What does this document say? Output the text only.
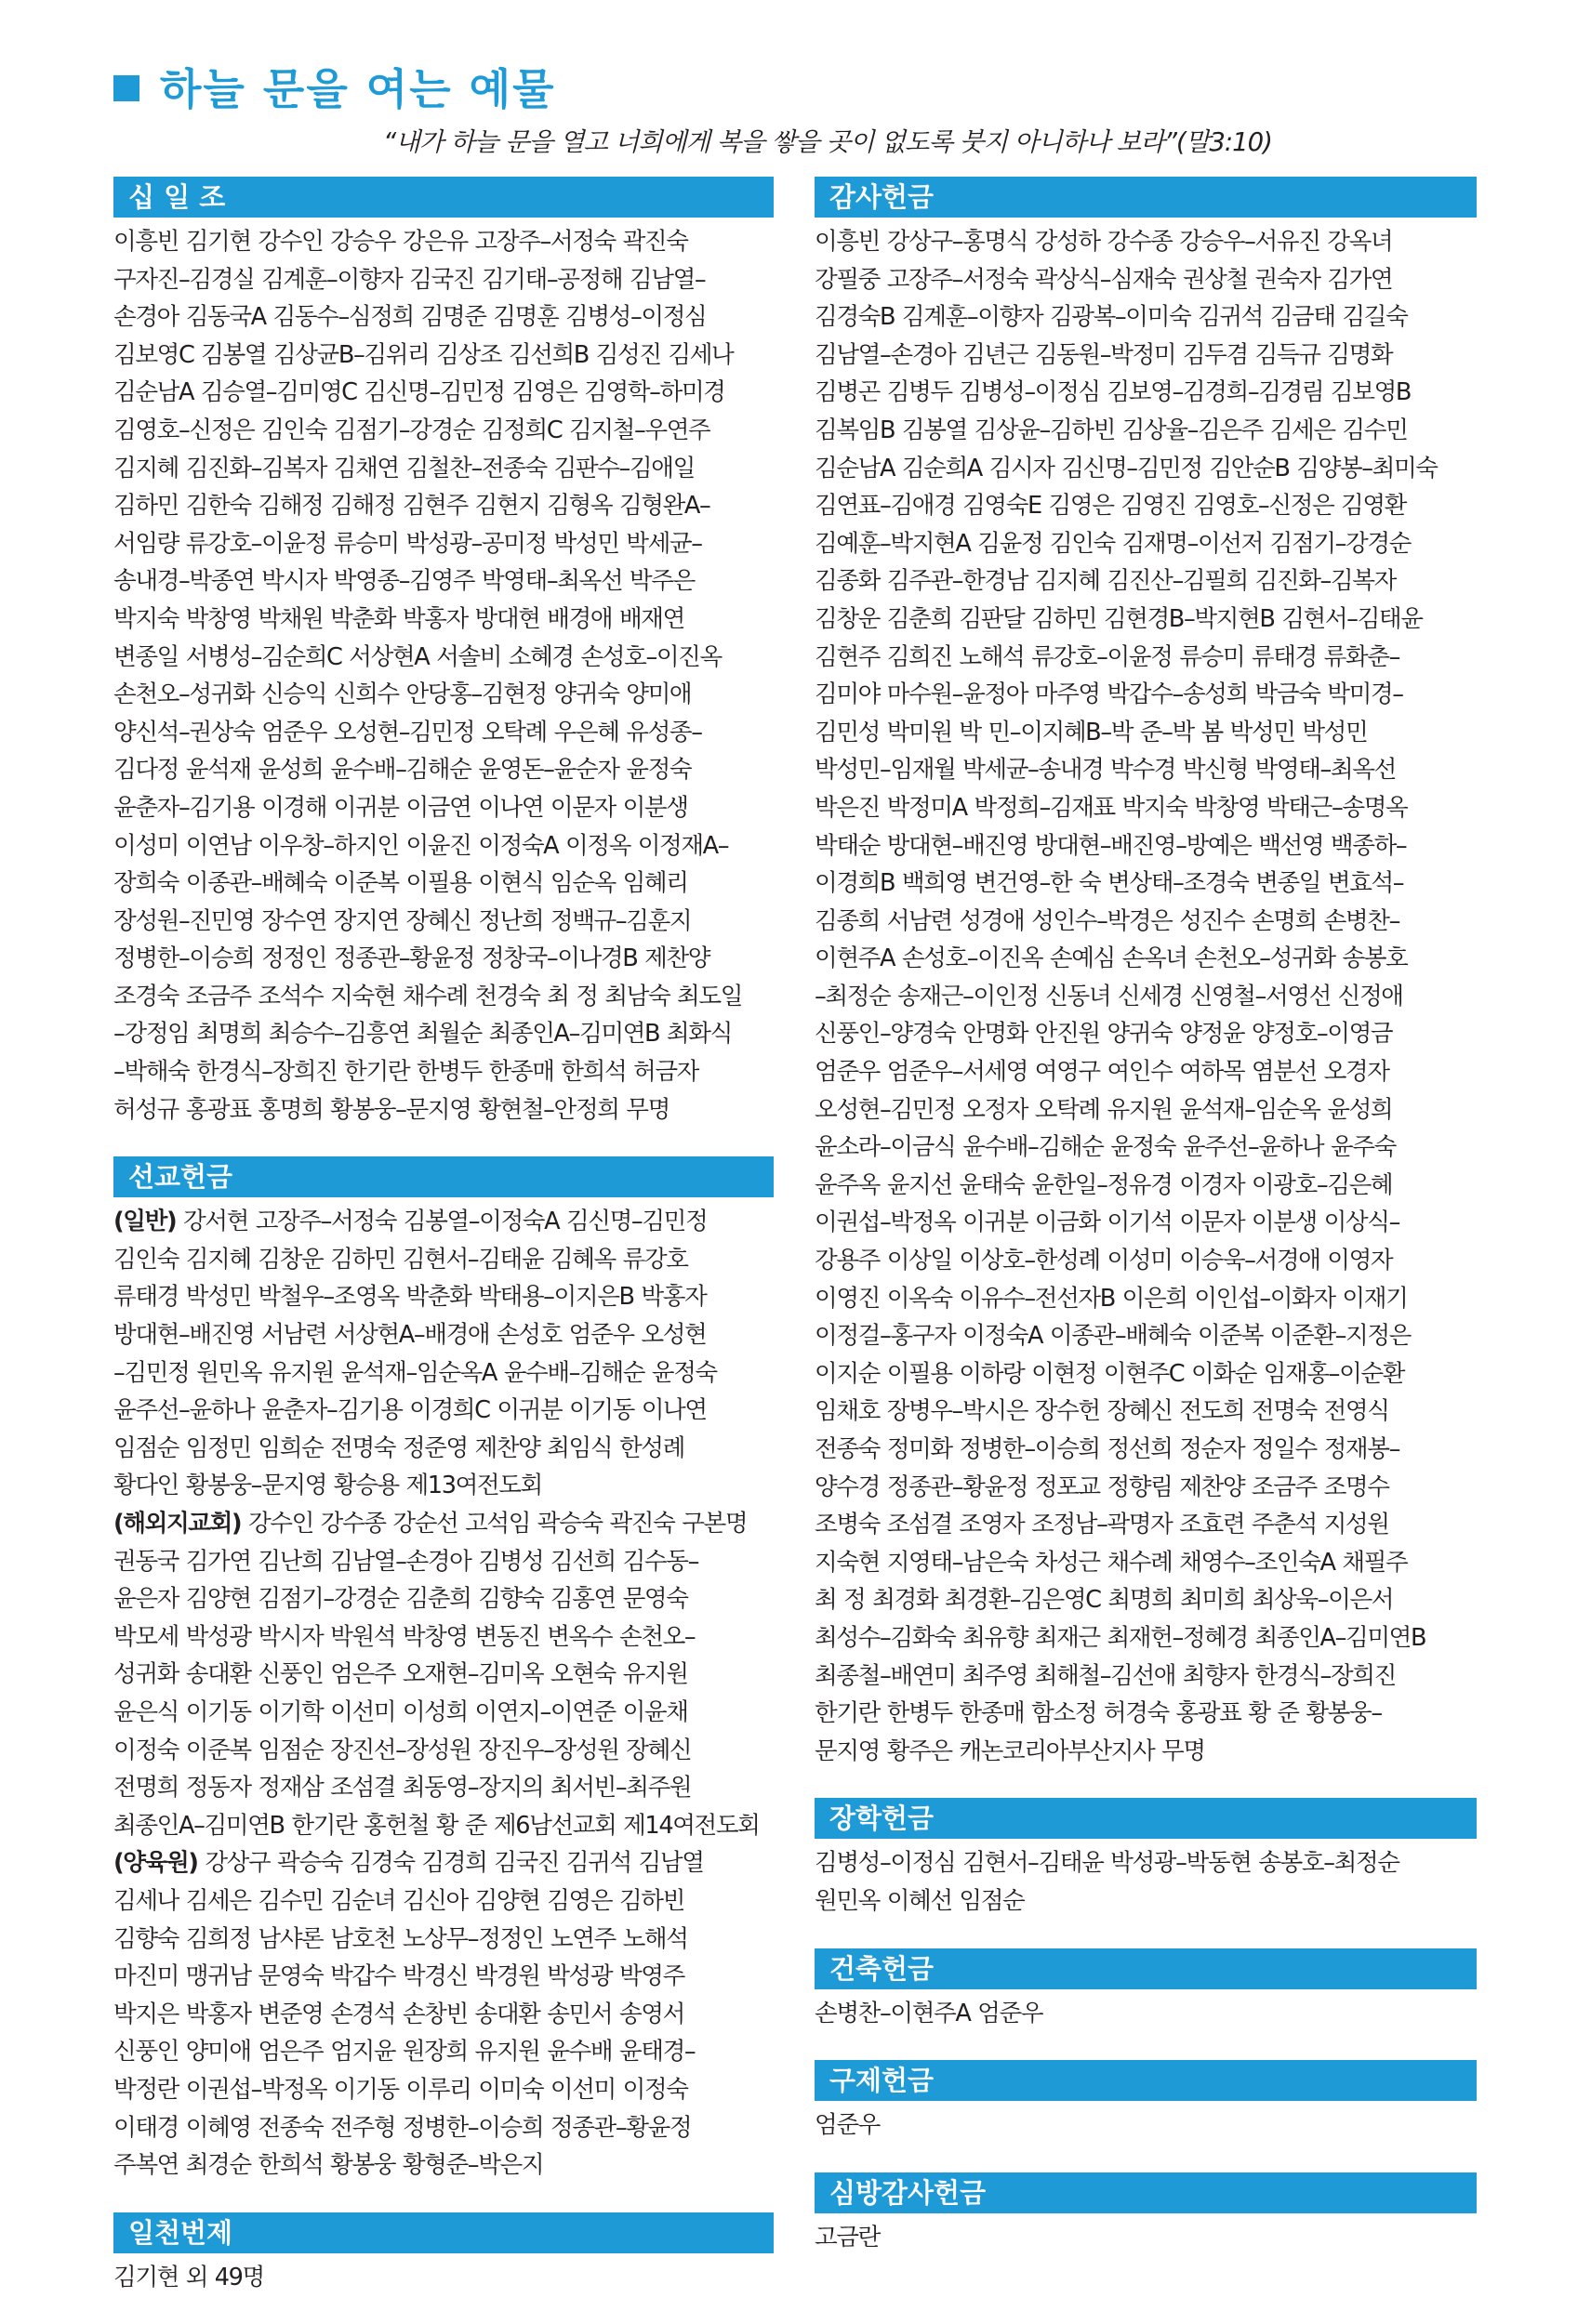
하늘 문을 여는 예물
“내가 하늘 문을 열고 너희에게 복을 쌓을 곳이 없도록 붓지 아니하나 보라”(말3:10)
십 일 조
이흥빈 김기현 강수인 강승우 강은유 고장주–서정숙 곽진숙
구자진–김경실 김계훈–이향자 김국진 김기태–공정해 김남열–
손경아 김동국A 김동수–심정희 김명준 김명훈 김병성–이정심
김보영C 김봉열 김상균B–김위리 김상조 김선희B 김성진 김세나
김순남A 김승열–김미영C 김신명–김민정 김영은 김영학–하미경
김영호–신정은 김인숙 김점기–강경순 김정희C 김지철–우연주
김지혜 김진화–김복자 김채연 김철찬–전종숙 김판수–김애일
김하민 김한숙 김해정 김해정 김현주 김현지 김형옥 김형완A–
서임량 류강호–이윤정 류승미 박성광–공미정 박성민 박세균–
송내경–박종연 박시자 박영종–김영주 박영태–최옥선 박주은
박지숙 박창영 박채원 박춘화 박홍자 방대현 배경애 배재연
변종일 서병성–김순희C 서상현A 서솔비 소혜경 손성호–이진옥
손천오–성귀화 신승익 신희수 안당홍–김현정 양귀숙 양미애
양신석–권상숙 엄준우 오성현–김민정 오탁례 우은혜 유성종–
김다정 윤석재 윤성희 윤수배–김해순 윤영돈–윤순자 윤정숙
윤춘자–김기용 이경해 이귀분 이금연 이나연 이문자 이분생
이성미 이연남 이우창–하지인 이윤진 이정숙A 이정옥 이정재A–
장희숙 이종관–배혜숙 이준복 이필용 이현식 임순옥 임혜리
장성원–진민영 장수연 장지연 장혜신 정난희 정백규–김훈지
정병한–이승희 정정인 정종관–황윤정 정창국–이나경B 제찬양
조경숙 조금주 조석수 지숙현 채수례 천경숙 최 정 최남숙 최도일
–강정임 최명희 최승수–김흥연 최월순 최종인A–김미연B 최화식
–박해숙 한경식–장희진 한기란 한병두 한종매 한희석 허금자
허성규 홍광표 홍명희 황봉웅–문지영 황현철–안정희 무명
선교헌금
(일반) 강서현 고장주–서정숙 김봉열–이정숙A 김신명–김민정
김인숙 김지혜 김창운 김하민 김현서–김태윤 김혜옥 류강호
류태경 박성민 박철우–조영옥 박춘화 박태용–이지은B 박홍자
방대현–배진영 서남련 서상현A–배경애 손성호 엄준우 오성현
–김민정 원민옥 유지원 윤석재–임순옥A 윤수배–김해순 윤정숙
윤주선–윤하나 윤춘자–김기용 이경희C 이귀분 이기동 이나연
임점순 임정민 임희순 전명숙 정준영 제찬양 최임식 한성례
황다인 황봉웅–문지영 황승용 제13여전도회
(해외지교회) 강수인 강수종 강순선 고석임 곽승숙 곽진숙 구본명
권동국 김가연 김난희 김남열–손경아 김병성 김선희 김수동–
윤은자 김양현 김점기–강경순 김춘희 김향숙 김홍연 문영숙
박모세 박성광 박시자 박원석 박창영 변동진 변옥수 손천오–
성귀화 송대환 신풍인 엄은주 오재현–김미옥 오현숙 유지원
윤은식 이기동 이기학 이선미 이성희 이연지–이연준 이윤채
이정숙 이준복 임점순 장진선–장성원 장진우–장성원 장혜신
전명희 정동자 정재삼 조섬결 최동영–장지의 최서빈–최주원
최종인A–김미연B 한기란 홍헌철 황 준 제6남선교회 제14여전도회
(양육원) 강상구 곽승숙 김경숙 김경희 김국진 김귀석 김남열
김세나 김세은 김수민 김순녀 김신아 김양현 김영은 김하빈
김향숙 김희정 남샤론 남호천 노상무–정정인 노연주 노해석
마진미 맹귀남 문영숙 박갑수 박경신 박경원 박성광 박영주
박지은 박홍자 변준영 손경석 손창빈 송대환 송민서 송영서
신풍인 양미애 엄은주 엄지윤 원장희 유지원 윤수배 윤태경–
박정란 이권섭–박정옥 이기동 이루리 이미숙 이선미 이정숙
이태경 이혜영 전종숙 전주형 정병한–이승희 정종관–황윤정
주복연 최경순 한희석 황봉웅 황형준–박은지
일천번제
김기현 외 49명
감사헌금
이흥빈 강상구–홍명식 강성하 강수종 강승우–서유진 강옥녀
강필중 고장주–서정숙 곽상식–심재숙 권상철 권숙자 김가연
김경숙B 김계훈–이향자 김광복–이미숙 김귀석 김금태 김길숙
김남열–손경아 김년근 김동원–박정미 김두겸 김득규 김명화
김병곤 김병두 김병성–이정심 김보영–김경희–김경림 김보영B
김복임B 김봉열 김상윤–김하빈 김상율–김은주 김세은 김수민
김순남A 김순희A 김시자 김신명–김민정 김안순B 김양봉–최미숙
김연표–김애경 김영숙E 김영은 김영진 김영호–신정은 김영환
김예훈–박지현A 김윤정 김인숙 김재명–이선저 김점기–강경순
김종화 김주관–한경남 김지혜 김진산–김필희 김진화–김복자
김창운 김춘희 김판달 김하민 김현경B–박지현B 김현서–김태윤
김현주 김희진 노해석 류강호–이윤정 류승미 류태경 류화춘–
김미야 마수원–윤정아 마주영 박갑수–송성희 박금숙 박미경–
김민성 박미원 박 민–이지혜B–박 준–박 봄 박성민 박성민
박성민–임재월 박세균–송내경 박수경 박신형 박영태–최옥선
박은진 박정미A 박정희–김재표 박지숙 박창영 박태근–송명옥
박태순 방대현–배진영 방대현–배진영–방예은 백선영 백종하–
이경희B 백희영 변건영–한 숙 변상태–조경숙 변종일 변효석–
김종희 서남련 성경애 성인수–박경은 성진수 손명희 손병찬–
이현주A 손성호–이진옥 손예심 손옥녀 손천오–성귀화 송봉호
–최정순 송재근–이인정 신동녀 신세경 신영철–서영선 신정애
신풍인–양경숙 안명화 안진원 양귀숙 양정윤 양정호–이영금
엄준우 엄준우–서세영 여영구 여인수 여하목 염분선 오경자
오성현–김민정 오정자 오탁례 유지원 윤석재–임순옥 윤성희
윤소라–이금식 윤수배–김해순 윤정숙 윤주선–윤하나 윤주숙
윤주옥 윤지선 윤태숙 윤한일–정유경 이경자 이광호–김은혜
이권섭–박정옥 이귀분 이금화 이기석 이문자 이분생 이상식–
강용주 이상일 이상호–한성례 이성미 이승욱–서경애 이영자
이영진 이옥숙 이유수–전선자B 이은희 이인섭–이화자 이재기
이정걸–홍구자 이정숙A 이종관–배혜숙 이준복 이준환–지정은
이지순 이필용 이하랑 이현정 이현주C 이화순 임재홍–이순환
임채호 장병우–박시은 장수헌 장혜신 전도희 전명숙 전영식
전종숙 정미화 정병한–이승희 정선희 정순자 정일수 정재봉–
양수경 정종관–황윤정 정포교 정향림 제찬양 조금주 조명수
조병숙 조섬결 조영자 조정남–곽명자 조효련 주춘석 지성원
지숙현 지영태–남은숙 차성근 채수례 채영수–조인숙A 채필주
최 정 최경화 최경환–김은영C 최명희 최미희 최상욱–이은서
최성수–김화숙 최유향 최재근 최재헌–정혜경 최종인A–김미연B
최종철–배연미 최주영 최해철–김선애 최향자 한경식–장희진
한기란 한병두 한종매 함소정 허경숙 홍광표 황 준 황봉웅–
문지영 황주은 캐논코리아부산지사 무명
장학헌금
김병성–이정심 김현서–김태윤 박성광–박동현 송봉호–최정순
원민옥 이혜선 임점순
건축헌금
손병찬–이현주A 엄준우
구제헌금
엄준우
심방감사헌금
고금란
